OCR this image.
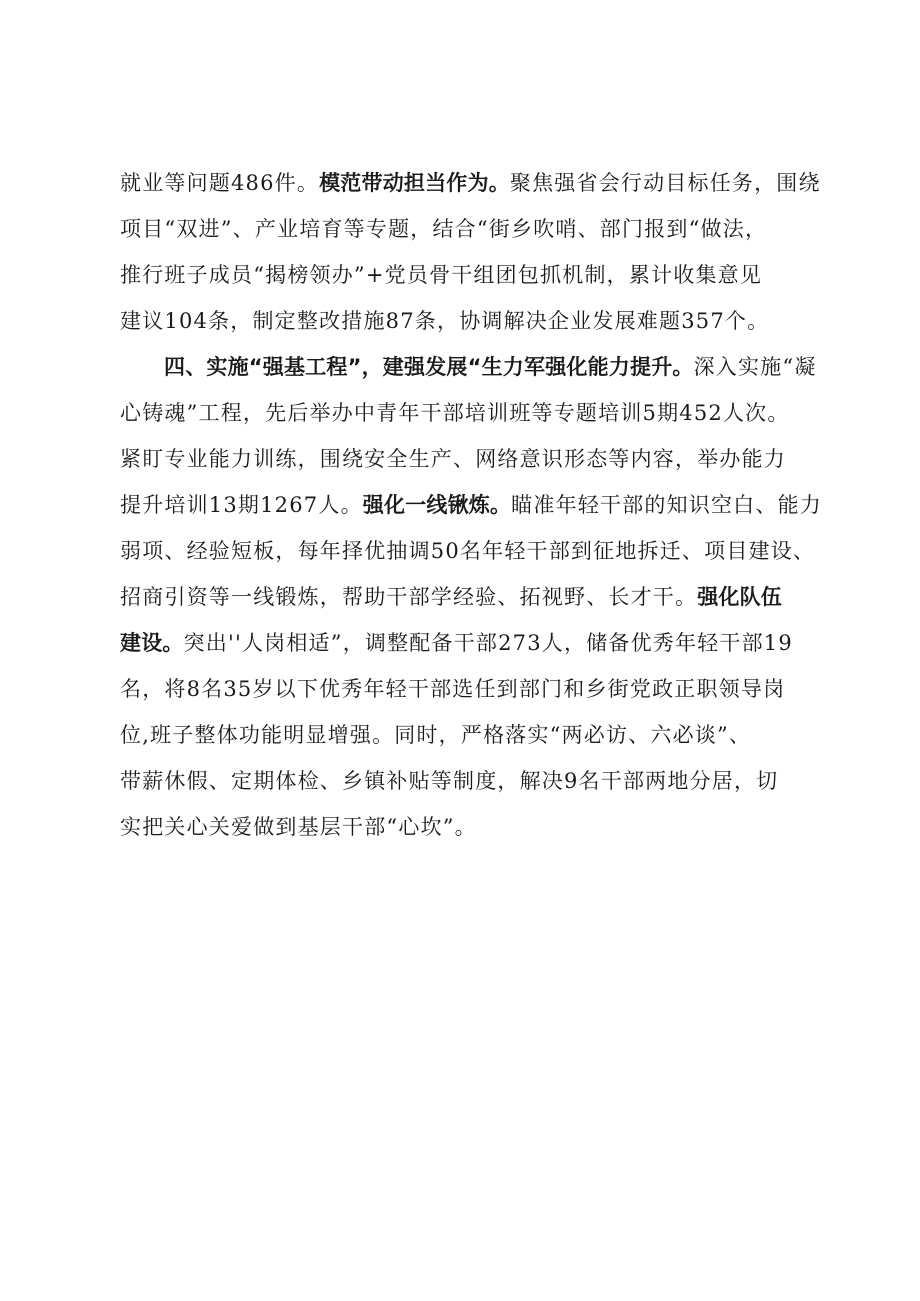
就业等问题486件。模范带动担当作为。聚焦强省会行动目标任务，围绕
项目“双进”、产业培育等专题，结合“街乡吹哨、部门报到“做法，
推行班子成员“揭榜领办”+党员骨干组团包抓机制，累计收集意见
建议104条，制定整改措施87条，协调解决企业发展难题357个。
四、实施“强基工程”，建强发展“生力军强化能力提升。深入实施“凝
心铸魂”工程，先后举办中青年干部培训班等专题培训5期452人次。
紧盯专业能力训练，围绕安全生产、网络意识形态等内容，举办能力
提升培训13期1267人。强化一线锹炼。瞄准年轻干部的知识空白、能力
弱项、经验短板，每年择优抽调50名年轻干部到征地拆迁、项目建设、
招商引资等一线锻炼，帮助干部学经验、拓视野、长才干。强化队伍
建设。突出''人岗相适”，调整配备干部273人，储备优秀年轻干部19
名，将8名35岁以下优秀年轻干部选任到部门和乡街党政正职领导岗
位,班子整体功能明显增强。同时，严格落实“两必访、六必谈”、
带薪休假、定期体检、乡镇补贴等制度，解决9名干部两地分居，切
实把关心关爱做到基层干部“心坎”。
